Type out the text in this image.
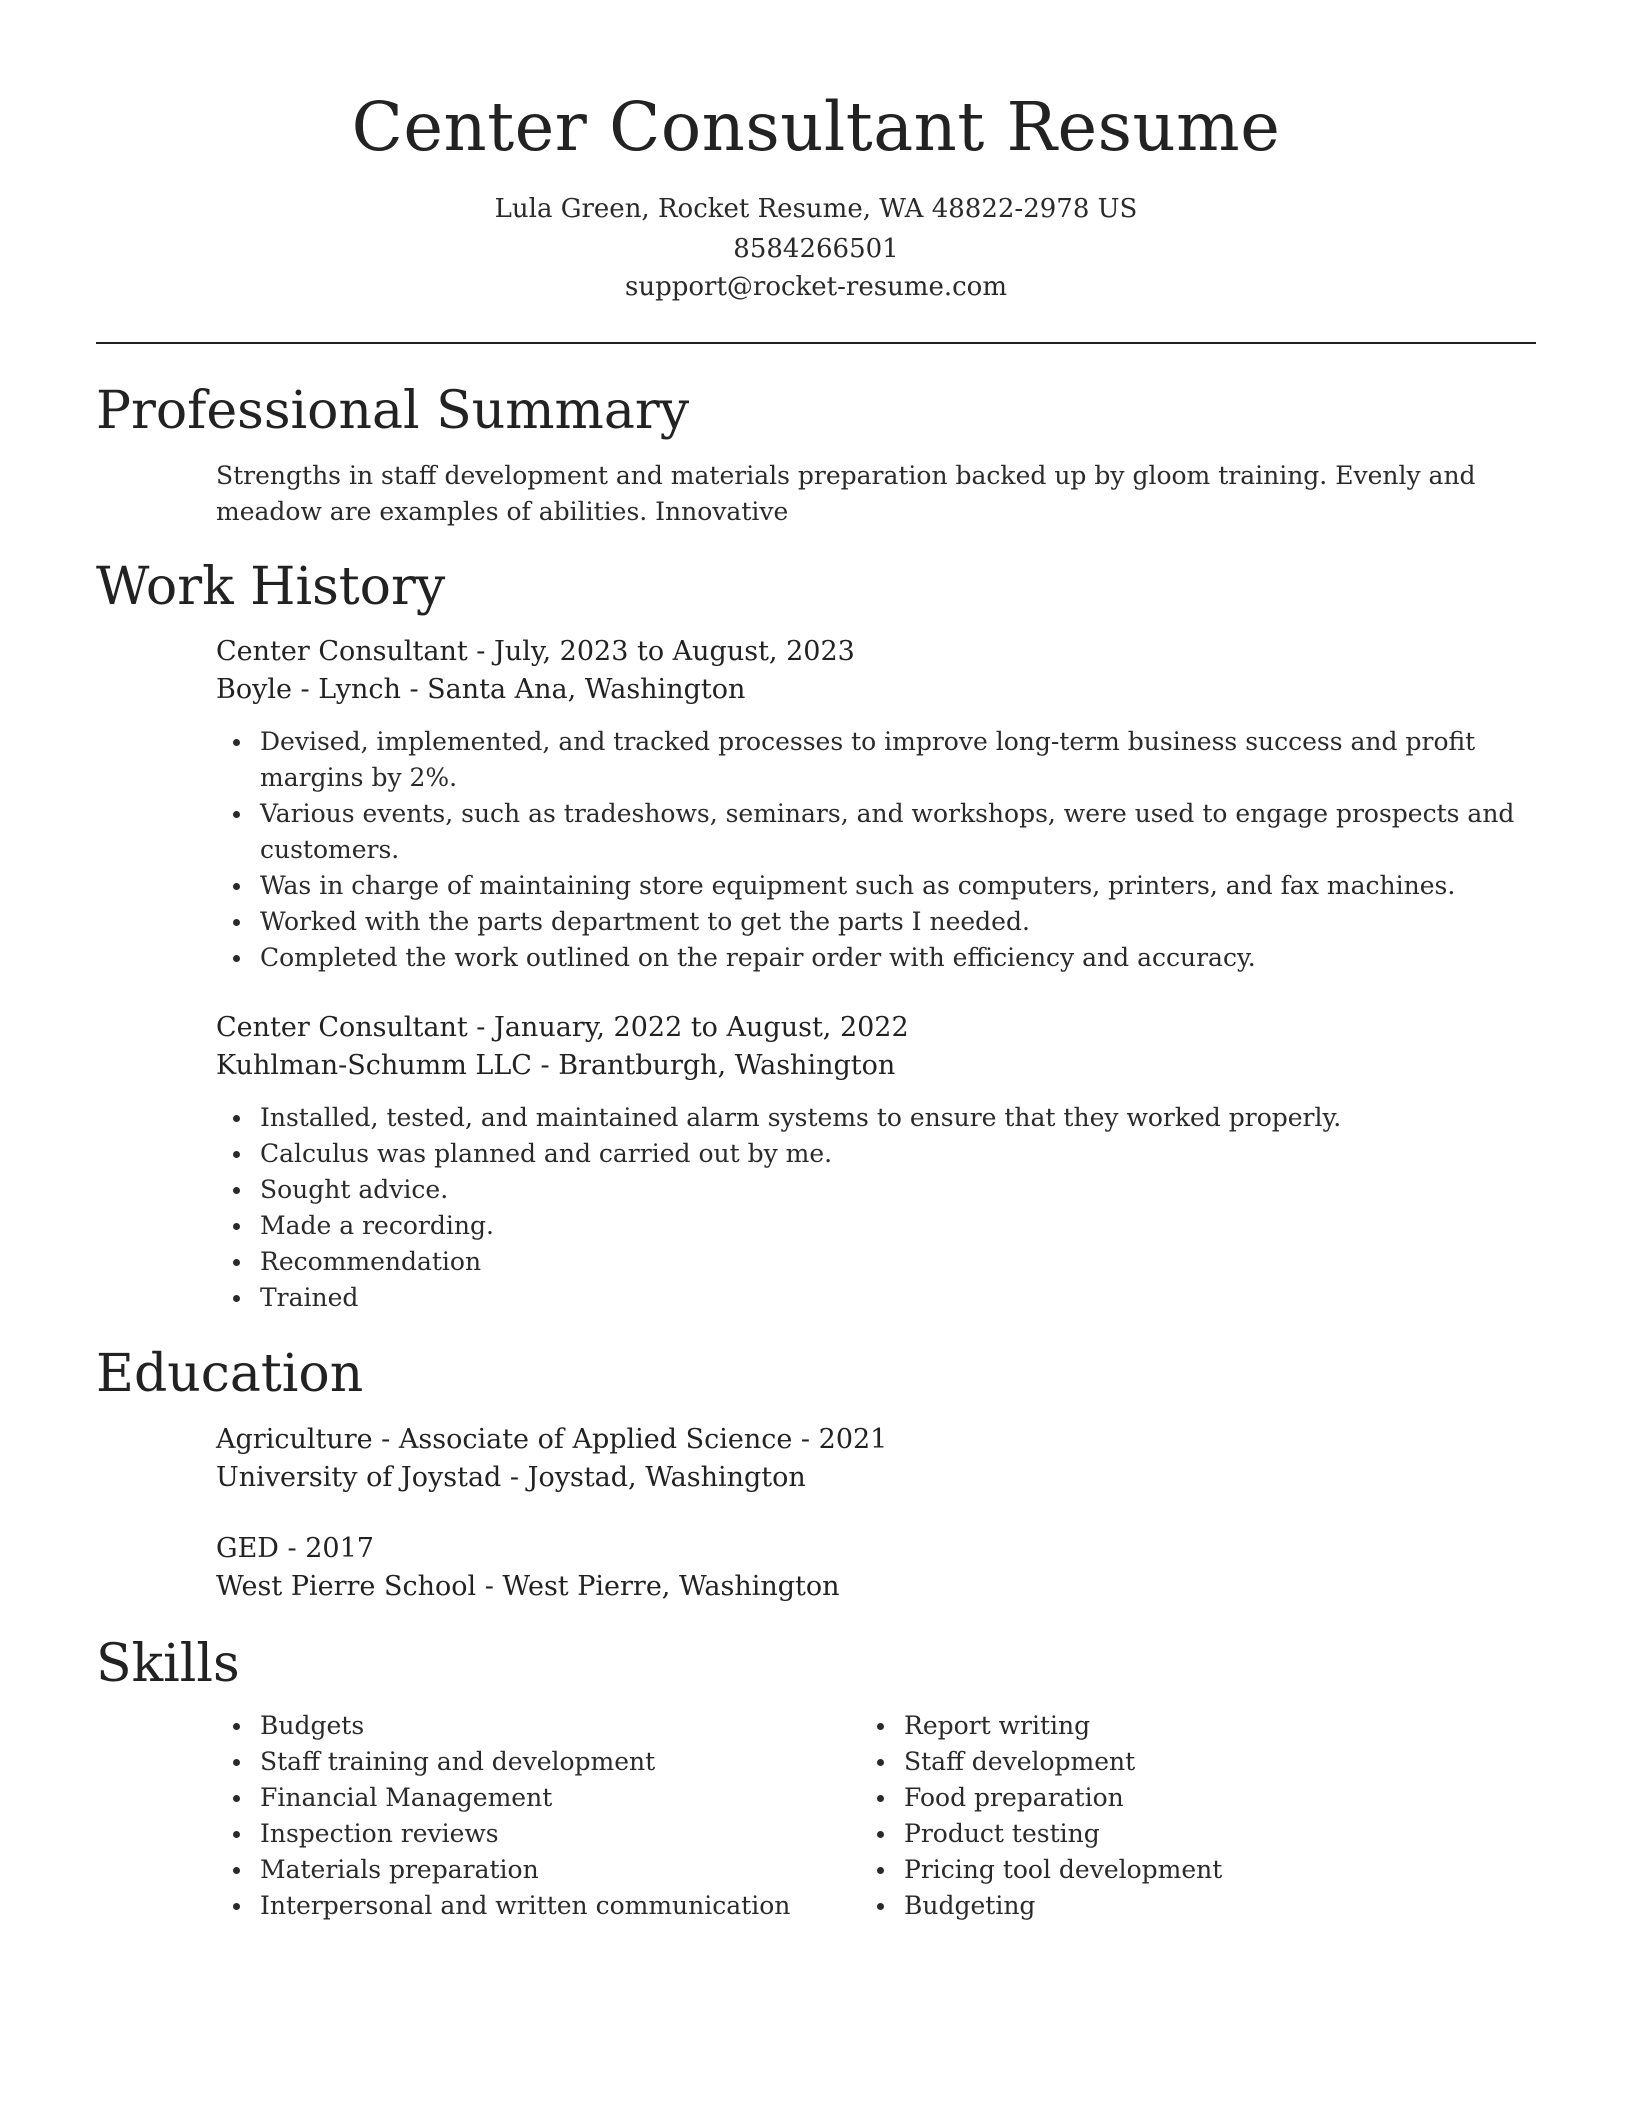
Center Consultant Resume
Lula Green, Rocket Resume, WA 48822-2978 US
8584266501
support@rocket-resume.com
Professional Summary
Strengths in staff development and materials preparation backed up by gloom training. Evenly and meadow are examples of abilities. Innovative
Work History
Center Consultant - July, 2023 to August, 2023
Boyle - Lynch - Santa Ana, Washington
Devised, implemented, and tracked processes to improve long-term business success and profit margins by 2%.
Various events, such as tradeshows, seminars, and workshops, were used to engage prospects and customers.
Was in charge of maintaining store equipment such as computers, printers, and fax machines.
Worked with the parts department to get the parts I needed.
Completed the work outlined on the repair order with efficiency and accuracy.
Center Consultant - January, 2022 to August, 2022
Kuhlman-Schumm LLC - Brantburgh, Washington
Installed, tested, and maintained alarm systems to ensure that they worked properly.
Calculus was planned and carried out by me.
Sought advice.
Made a recording.
Recommendation
Trained
Education
Agriculture - Associate of Applied Science - 2021
University of Joystad - Joystad, Washington
GED - 2017
West Pierre School - West Pierre, Washington
Skills
Budgets
Staff training and development
Financial Management
Inspection reviews
Materials preparation
Interpersonal and written communication
Report writing
Staff development
Food preparation
Product testing
Pricing tool development
Budgeting
